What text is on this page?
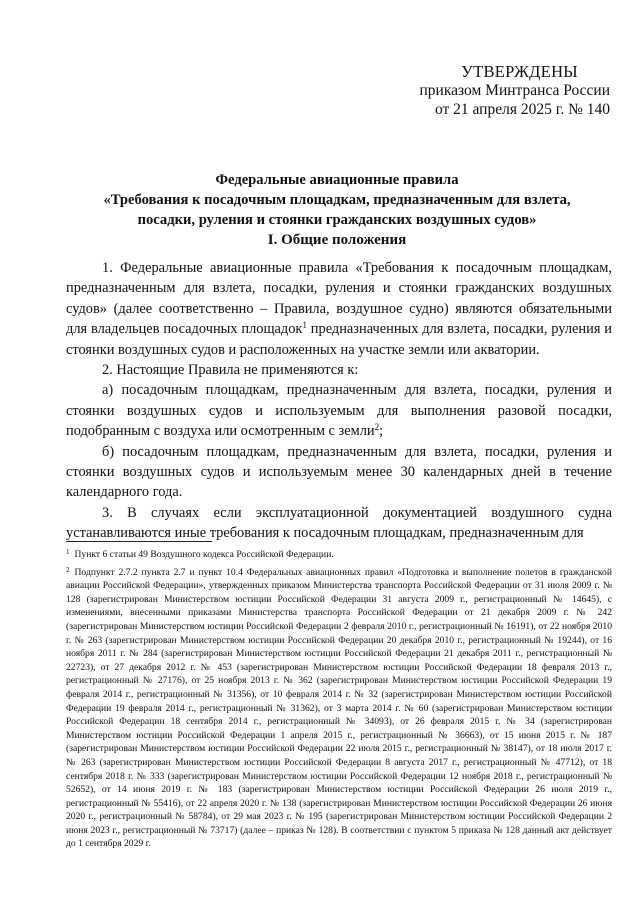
УТВЕРЖДЕНЫ
приказом Минтранса России
от 21 апреля 2025 г. № 140
Федеральные авиационные правила
«Требования к посадочным площадкам, предназначенным для взлета,
посадки, руления и стоянки гражданских воздушных судов»
I. Общие положения

1. Федеральные авиационные правила «Требования к посадочным площадкам, предназначенным для взлета, посадки, руления и стоянки гражданских воздушных судов» (далее соответственно – Правила, воздушное судно) являются обязательными для владельцев посадочных площадок$^1$ предназначенных для взлета, посадки, руления и стоянки воздушных судов и расположенных на участке земли или акватории.

2. Настоящие Правила не применяются к:

а) посадочным площадкам, предназначенным для взлета, посадки, руления и стоянки воздушных судов и используемым для выполнения разовой посадки, подобранным с воздуха или осмотренным с земли$^2$;

б) посадочным площадкам, предназначенным для взлета, посадки, руления и стоянки воздушных судов и используемым менее 30 календарных дней в течение календарного года.

3. В случаях если эксплуатационной документацией воздушного судна устанавливаются иные требования к посадочным площадкам, предназначенным для

$^1$ Пункт 6 статьи 49 Воздушного кодекса Российской Федерации.

$^2$ Подпункт 2.7.2 пункта 2.7 и пункт 10.4 Федеральных авиационных правил «Подготовка и выполнение полетов в гражданской авиации Российской Федерации», утвержденных приказом Министерства транспорта Российской Федерации от 31 июля 2009 г. № 128 (зарегистрирован Министерством юстиции Российской Федерации 31 августа 2009 г., регистрационный № 14645), с изменениями, внесенными приказами Министерства транспорта Российской Федерации от 21 декабря 2009 г. № 242 (зарегистрирован Министерством юстиции Российской Федерации 2 февраля 2010 г., регистрационный № 16191), от 22 ноября 2010 г. № 263 (зарегистрирован Министерством юстиции Российской Федерации 20 декабря 2010 г., регистрационный № 19244), от 16 ноября 2011 г. № 284 (зарегистрирован Министерством юстиции Российской Федерации 21 декабря 2011 г., регистрационный № 22723), от 27 декабря 2012 г. № 453 (зарегистрирован Министерством юстиции Российской Федерации 18 февраля 2013 г., регистрационный № 27176), от 25 ноября 2013 г. № 362 (зарегистрирован Министерством юстиции Российской Федерации 19 февраля 2014 г., регистрационный № 31356), от 10 февраля 2014 г. № 32 (зарегистрирован Министерством юстиции Российской Федерации 19 февраля 2014 г., регистрационный № 31362), от 3 марта 2014 г. № 60 (зарегистрирован Министерством юстиции Российской Федерации 18 сентября 2014 г., регистрационный № 34093), от 26 февраля 2015 г. № 34 (зарегистрирован Министерством юстиции Российской Федерации 1 апреля 2015 г., регистрационный № 36663), от 15 июня 2015 г. № 187 (зарегистрирован Министерством юстиции Российской Федерации 22 июля 2015 г., регистрационный № 38147), от 18 июля 2017 г. № 263 (зарегистрирован Министерством юстиции Российской Федерации 8 августа 2017 г., регистрационный № 47712), от 18 сентября 2018 г. № 333 (зарегистрирован Министерством юстиции Российской Федерации 12 ноября 2018 г., регистрационный № 52652), от 14 июня 2019 г. № 183 (зарегистрирован Министерством юстиции Российской Федерации 26 июля 2019 г., регистрационный № 55416), от 22 апреля 2020 г. № 138 (зарегистрирован Министерством юстиции Российской Федерации 26 июня 2020 г., регистрационный № 58784), от 29 мая 2023 г. № 195 (зарегистрирован Министерством юстиции Российской Федерации 2 июня 2023 г., регистрационный № 73717) (далее – приказ № 128). В соответствии с пунктом 5 приказа № 128 данный акт действует до 1 сентября 2029 г.
